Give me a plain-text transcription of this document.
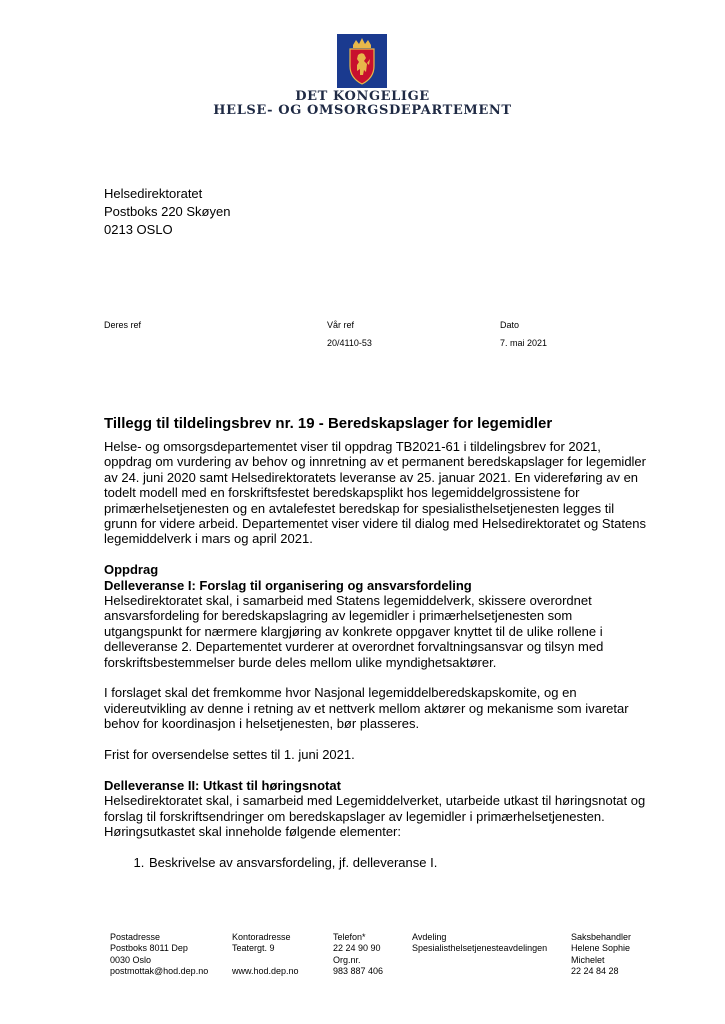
DET KONGELIGE
HELSE- OG OMSORGSDEPARTEMENT
Helsedirektoratet
Postboks 220 Skøyen
0213 OSLO
Deres ref	Vår ref
20/4110-53
Dato
7. mai 2021
Tillegg til tildelingsbrev nr. 19 - Beredskapslager for legemidler

Helse- og omsorgsdepartementet viser til oppdrag TB2021-61 i tildelingsbrev for 2021, oppdrag om vurdering av behov og innretning av et permanent beredskapslager for legemidler av 24. juni 2020 samt Helsedirektoratets leveranse av 25. januar 2021. En videreføring av en todelt modell med en forskriftsfestet beredskapsplikt hos legemiddelgrossistene for primærhelsetjenesten og en avtalefestet beredskap for spesialisthelsetjenesten legges til grunn for videre arbeid. Departementet viser videre til dialog med Helsedirektoratet og Statens legemiddelverk i mars og april 2021.

Oppdrag

Delleveranse I: Forslag til organisering og ansvarsfordeling

Helsedirektoratet skal, i samarbeid med Statens legemiddelverk, skissere overordnet ansvarsfordeling for beredskapslagring av legemidler i primærhelsetjenesten som utgangspunkt for nærmere klargjøring av konkrete oppgaver knyttet til de ulike rollene i delleveranse 2. Departementet vurderer at overordnet forvaltningsansvar og tilsyn med forskriftsbestemmelser burde deles mellom ulike myndighetsaktører.

I forslaget skal det fremkomme hvor Nasjonal legemiddelberedskapskomite, og en videreutvikling av denne i retning av et nettverk mellom aktører og mekanisme som ivaretar behov for koordinasjon i helsetjenesten, bør plasseres.

Frist for oversendelse settes til 1. juni 2021.

Delleveranse II: Utkast til høringsnotat

Helsedirektoratet skal, i samarbeid med Legemiddelverket, utarbeide utkast til høringsnotat og forslag til forskriftsendringer om beredskapslager av legemidler i primærhelsetjenesten. Høringsutkastet skal inneholde følgende elementer:

1. Beskrivelse av ansvarsfordeling, jf. delleveranse I.
Postadresse
Postboks 8011 Dep
0030 Oslo
postmottak@hod.dep.no
Kontoradresse
Teatergt. 9

www.hod.dep.no
Telefon*
22 24 90 90
Org.nr.
983 887 406
Avdeling
Spesialisthelsetjenesteavdelingen
Saksbehandler
Helene Sophie
Michelet
22 24 84 28
